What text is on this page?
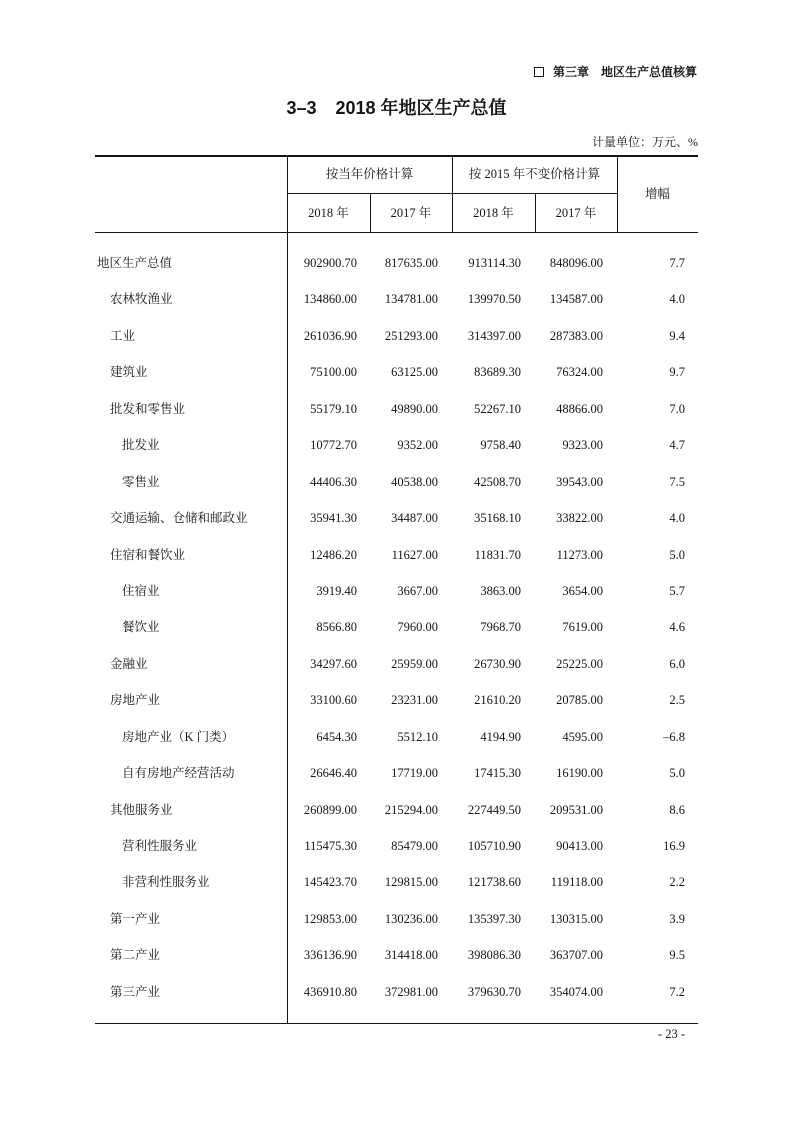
第三章 地区生产总值核算
3–3 2018 年地区生产总值
计量单位：万元、%
按当年价格计算	按 2015 年不变价格计算
2018 年	2017 年	2018 年	2017 年
增幅
地区生产总值	902900.70 817635.00 913114.30 848096.00	7.7
农林牧渔业	134860.00 134781.00 139970.50 134587.00	4.0
工业	261036.90 251293.00 314397.00 287383.00	9.4
建筑业	75100.00	63125.00	83689.30	76324.00	9.7
批发和零售业	55179.10	49890.00	52267.10	48866.00	7.0
批发业	10772.70	9352.00	9758.40	9323.00	4.7
零售业	44406.30	40538.00	42508.70	39543.00	7.5
交通运输、仓储和邮政业	35941.30	34487.00	35168.10	33822.00	4.0
住宿和餐饮业	12486.20	11627.00	11831.70	11273.00	5.0
住宿业	3919.40	3667.00	3863.00	3654.00	5.7
餐饮业	8566.80	7960.00	7968.70	7619.00	4.6
金融业	34297.60	25959.00	26730.90	25225.00	6.0
房地产业	33100.60	23231.00	21610.20	20785.00	2.5
房地产业（K 门类）	6454.30	5512.10	4194.90	4595.00	–6.8
自有房地产经营活动	26646.40	17719.00	17415.30	16190.00	5.0
其他服务业	260899.00 215294.00 227449.50 209531.00	8.6
营利性服务业	115475.30	85479.00 105710.90	90413.00	16.9
非营利性服务业	145423.70 129815.00 121738.60 119118.00	2.2
第一产业	129853.00 130236.00 135397.30 130315.00	3.9
第二产业	336136.90 314418.00 398086.30 363707.00	9.5
第三产业	436910.80 372981.00 379630.70 354074.00	7.2
- 23 -
